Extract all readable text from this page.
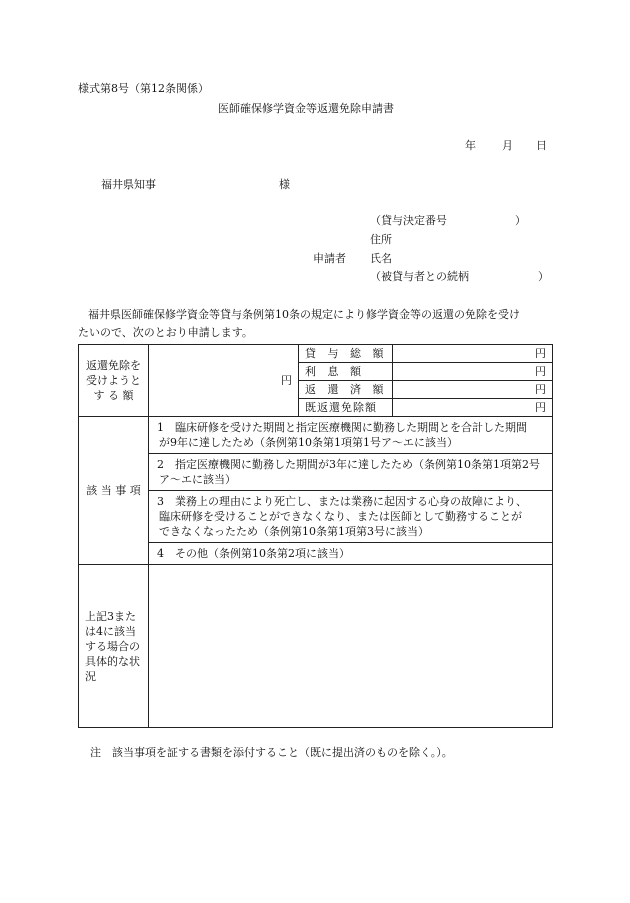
様式第8号（第12条関係）
医師確保修学資金等返還免除申請書
年 月 日
福井県知事	様
（貸与決定番号	）
住所
申請者 氏名
（被貸与者との続柄	）
福井県医師確保修学資金等貸与条例第10条の規定により修学資金等の返還の免除を受け
たいので、次のとおり申請します。
返還免除を
受けようと
す る 額	円	貸 与 総 額	円
		利 息 額	円
		返 還 済 額	円
		既返還免除額	円
該 当 事 項	1　臨床研修を受けた期間と指定医療機関に勤務した期間とを合計した期間
が9年に達したため（条例第10条第1項第1号ア〜エに該当）		

	2　指定医療機関に勤務した期間が3年に達したため（条例第10条第1項第2号
ア〜エに該当）		

	3　業務上の理由により死亡し、または業務に起因する心身の故障により、
臨床研修を受けることができなくなり、または医師として勤務することが
できなくなったため（条例第10条第1項第3号に該当）		

	4　その他（条例第10条第2項に該当）		

上記3また
は4に該当
する場合の
具体的な状
況			

注　該当事項を証する書類を添付すること（既に提出済のものを除く。）。
